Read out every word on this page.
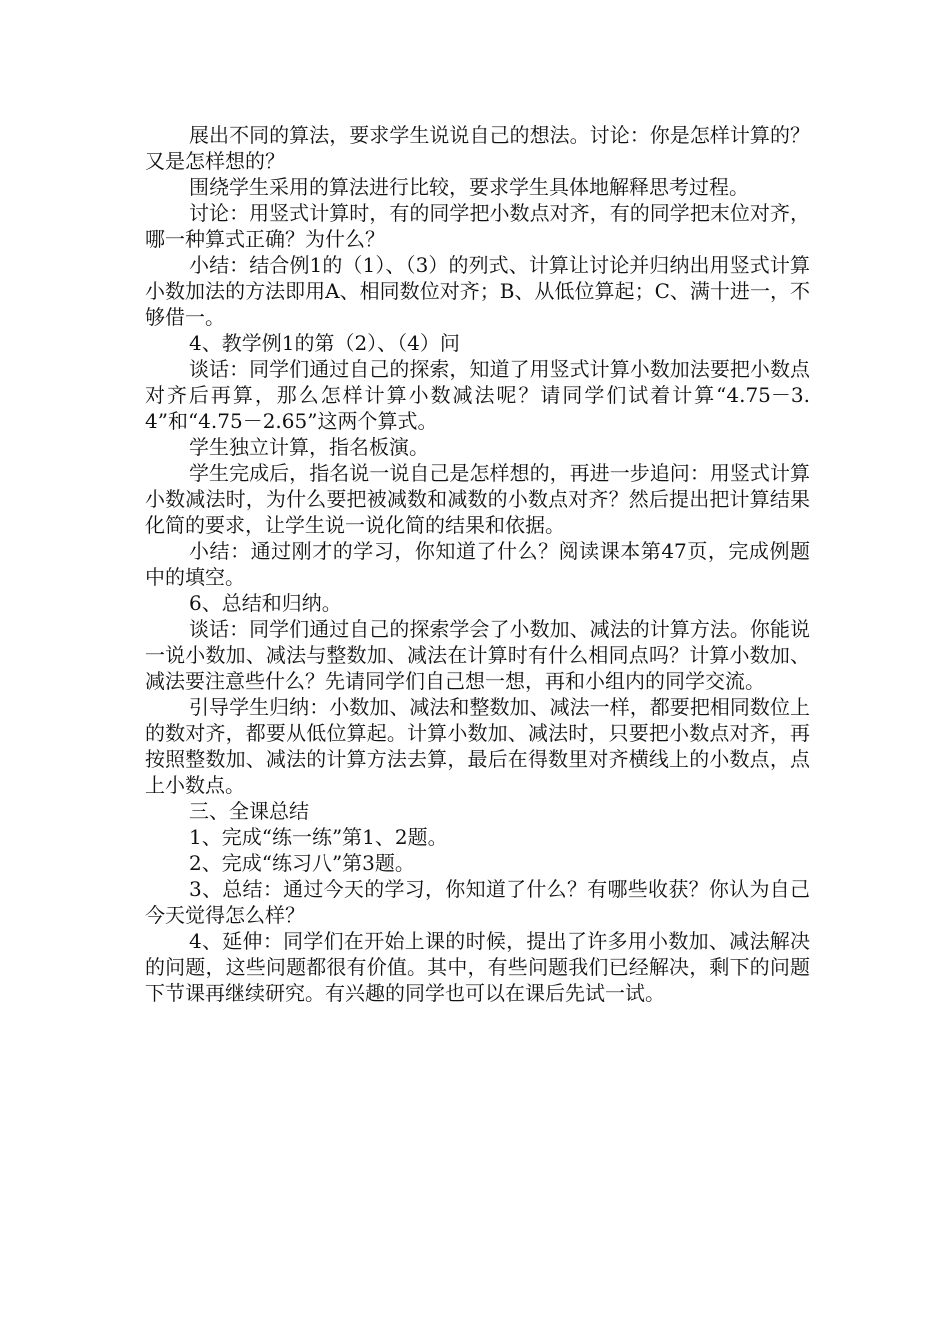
展出不同的算法，要求学生说说自己的想法。讨论：你是怎样计算的？又是怎样想的？

围绕学生采用的算法进行比较，要求学生具体地解释思考过程。

讨论：用竖式计算时，有的同学把小数点对齐，有的同学把末位对齐，哪一种算式正确？为什么？

小结：结合例1的（1）、（3）的列式、计算让讨论并归纳出用竖式计算小数加法的方法即用A、相同数位对齐；B、从低位算起；C、满十进一，不够借一。

4、教学例1的第（2）、（4）问

谈话：同学们通过自己的探索，知道了用竖式计算小数加法要把小数点对齐后再算，那么怎样计算小数减法呢？请同学们试着计算“4.75－3.4”和“4.75－2.65”这两个算式。

学生独立计算，指名板演。

学生完成后，指名说一说自己是怎样想的，再进一步追问：用竖式计算小数减法时，为什么要把被减数和减数的小数点对齐？然后提出把计算结果化简的要求，让学生说一说化简的结果和依据。

小结：通过刚才的学习，你知道了什么？阅读课本第47页，完成例题中的填空。

6、总结和归纳。

谈话：同学们通过自己的探索学会了小数加、减法的计算方法。你能说一说小数加、减法与整数加、减法在计算时有什么相同点吗？计算小数加、减法要注意些什么？先请同学们自己想一想，再和小组内的同学交流。

引导学生归纳：小数加、减法和整数加、减法一样，都要把相同数位上的数对齐，都要从低位算起。计算小数加、减法时，只要把小数点对齐，再按照整数加、减法的计算方法去算，最后在得数里对齐横线上的小数点，点上小数点。

三、全课总结

1、完成“练一练”第1、2题。

2、完成“练习八”第3题。

3、总结：通过今天的学习，你知道了什么？有哪些收获？你认为自己今天觉得怎么样？

4、延伸：同学们在开始上课的时候，提出了许多用小数加、减法解决的问题，这些问题都很有价值。其中，有些问题我们已经解决，剩下的问题下节课再继续研究。有兴趣的同学也可以在课后先试一试。
